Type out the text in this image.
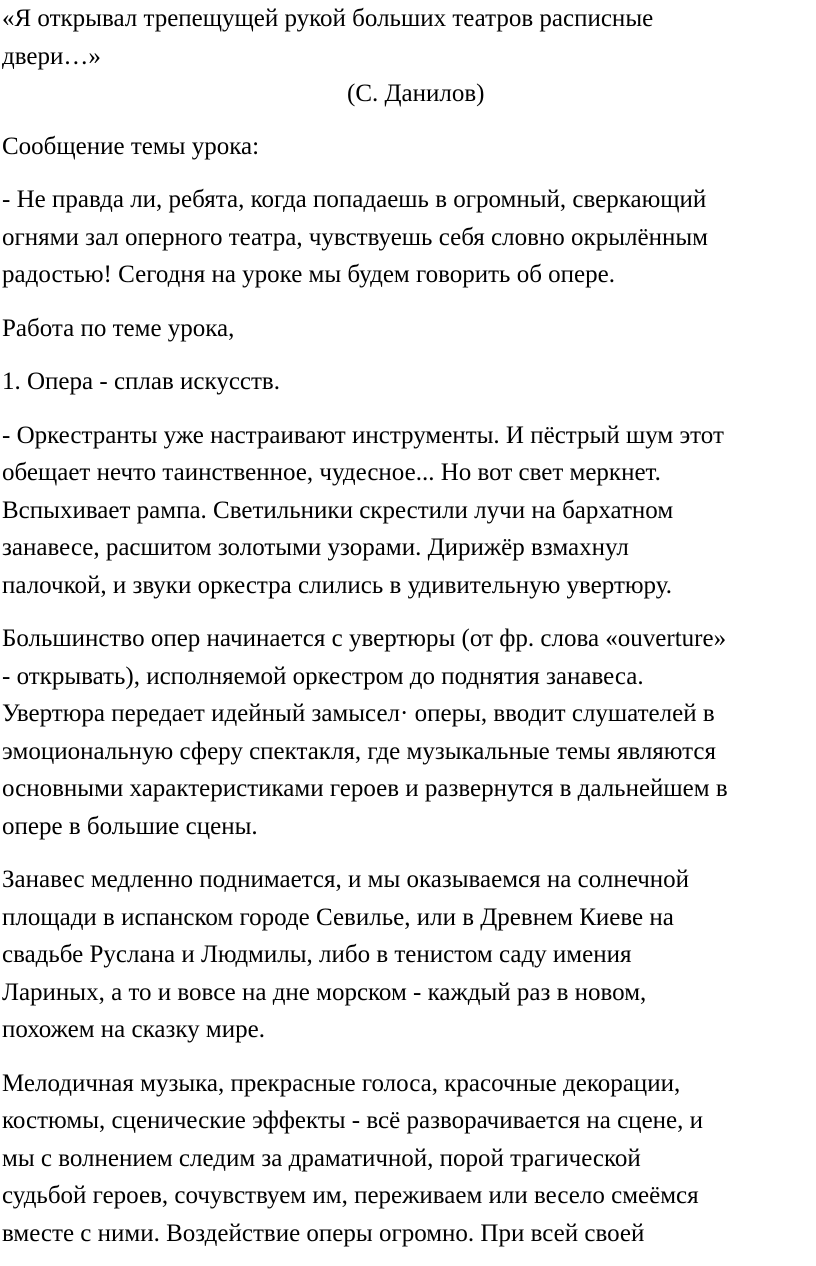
«Я открывал трепещущей рукой больших театров расписные
двери…»
(С. Данилов)

Сообщение темы урока:

- Не правда ли, ребята, когда попадаешь в огромный, сверкающий
огнями зал оперного театра, чувствуешь себя словно окрылённым
радостью! Сегодня на уроке мы будем говорить об опере.

Работа по теме урока,

1. Опера - сплав искусств.

- Оркестранты уже настраивают инструменты. И пёстрый шум этот
обещает нечто таинственное, чудесное... Но вот свет меркнет.
Вспыхивает рампа. Светильники скрестили лучи на бархатном
занавесе, расшитом золотыми узорами. Дирижёр взмахнул
палочкой, и звуки оркестра слились в удивительную увертюру.

Большинство опер начинается с увертюры (от фр. слова «ouverture»
- открывать), исполняемой оркестром до поднятия занавеса.
Увертюра передает идейный замысел· оперы, вводит слушателей в
эмоциональную сферу спектакля, где музыкальные темы являются
основными характеристиками героев и развернутся в дальнейшем в
опере в большие сцены.

Занавес медленно поднимается, и мы оказываемся на солнечной
площади в испанском городе Севилье, или в Древнем Киеве на
свадьбе Руслана и Людмилы, либо в тенистом саду имения
Лариных, а то и вовсе на дне морском - каждый раз в новом,
похожем на сказку мире.

Мелодичная музыка, прекрасные голоса, красочные декорации,
костюмы, сценические эффекты - всё разворачивается на сцене, и
мы с волнением следим за драматичной, порой трагической
судьбой героев, сочувствуем им, переживаем или весело смеёмся
вместе с ними. Воздействие оперы огромно. При всей своей
